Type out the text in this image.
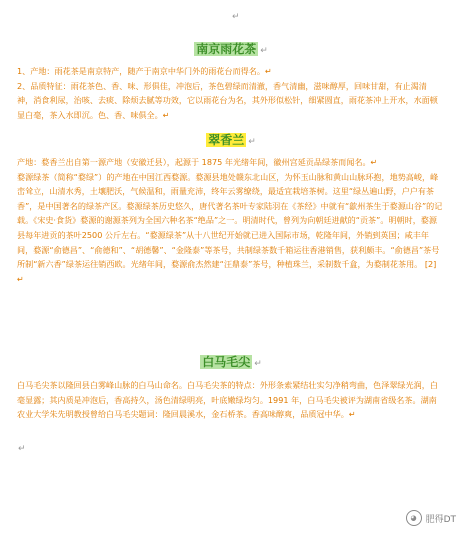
↵
南京雨花茶 ↵

1、产地：雨花茶是南京特产，随产于南京中华门外的雨花台而得名。↵

2、品质特征：雨花茶色、香、味、形俱佳，冲泡后，茶色碧绿而清澈，香气清幽，滋味醇厚，回味甘甜，有止渴清神，消食利尿，治咳、去痰、除烦去腻等功效，它以雨花台为名，其外形似松针，细紧圆直，雨花茶冲上开水，水面顿显白毫，茶入水即沉。色、香、味俱全。↵

翠香兰 ↵

产地：婺香兰出自第一源产地（安徽迁县），起源于 1875 年光绪年间，徽州宫延贡品绿茶而闻名。↵

婺源绿茶（简称“婺绿”）的产地在中国江西婺源。婺源县地处赣东北山区，为怀玉山脉和黄山山脉环抱，地势高峻，峰峦耸立，山清水秀，土壤肥沃，气候温和，雨量充沛，终年云雾缭绕，最适宜栽培茶树。这里“绿丛遍山野，户户有茶香”，是中国著名的绿茶产区。婺源绿茶历史悠久，唐代著名茶叶专家陆羽在《茶经》中就有“歙州茶生于婺源山谷”的记载。《宋史·食货》婺源的谢源茶列为全国六种名茶“绝品”之一。明清时代，曾列为向朝廷进献的“贡茶”。明朝时，婺源县每年进贡的茶叶2500 公斤左右。“婺源绿茶”从十八世纪开始就已进入国际市场，乾隆年间，外销到英国；咸丰年间，婺源“俞德昌”、“俞德和”、“胡德馨”、“金隆泰”等茶号，共制绿茶数千箱运往香港销售，获利颇丰。“俞德昌”茶号所制“新六香”绿茶运往销西欧。光绪年间，婺源俞杰然建“汪鼎泰”茶号，种植珠兰，采制数千盒，为婺制花茶用。 [2]↵

白马毛尖 ↵

白马毛尖茶以隆回县白雾峰山脉的白马山命名。白马毛尖茶的特点：外形条索紧结壮实匀净稍弯曲，色泽翠绿光润，白毫显露；其内质是冲泡后，香高持久，汤色清绿明亮，叶底嫩绿均匀。1991 年，白马毛尖被评为湖南省级名茶。湖南农业大学朱先明教授曾给白马毛尖题词：隆回晨溪水，金石桥茶。香高味醇爽，品质冠中华。↵

↵
◕ 肥得DT
